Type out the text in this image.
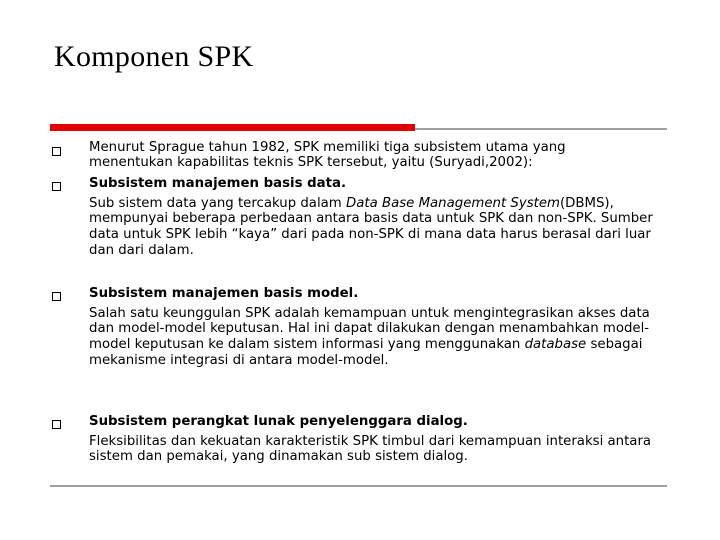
Komponen SPK
Menurut Sprague tahun 1982, SPK memiliki tiga subsistem utama yang
menentukan kapabilitas teknis SPK tersebut, yaitu (Suryadi,2002):
Subsistem manajemen basis data.

Sub sistem data yang tercakup dalam Data Base Management System(DBMS), mempunyai beberapa perbedaan antara basis data untuk SPK dan non-SPK. Sumber data untuk SPK lebih “kaya” dari pada non-SPK di mana data harus berasal dari luar dan dari dalam.

Subsistem manajemen basis model.

Salah satu keunggulan SPK adalah kemampuan untuk mengintegrasikan akses data dan model-model keputusan. Hal ini dapat dilakukan dengan menambahkan model-model keputusan ke dalam sistem informasi yang menggunakan database sebagai mekanisme integrasi di antara model-model.

Subsistem perangkat lunak penyelenggara dialog.

Fleksibilitas dan kekuatan karakteristik SPK timbul dari kemampuan interaksi antara sistem dan pemakai, yang dinamakan sub sistem dialog.
